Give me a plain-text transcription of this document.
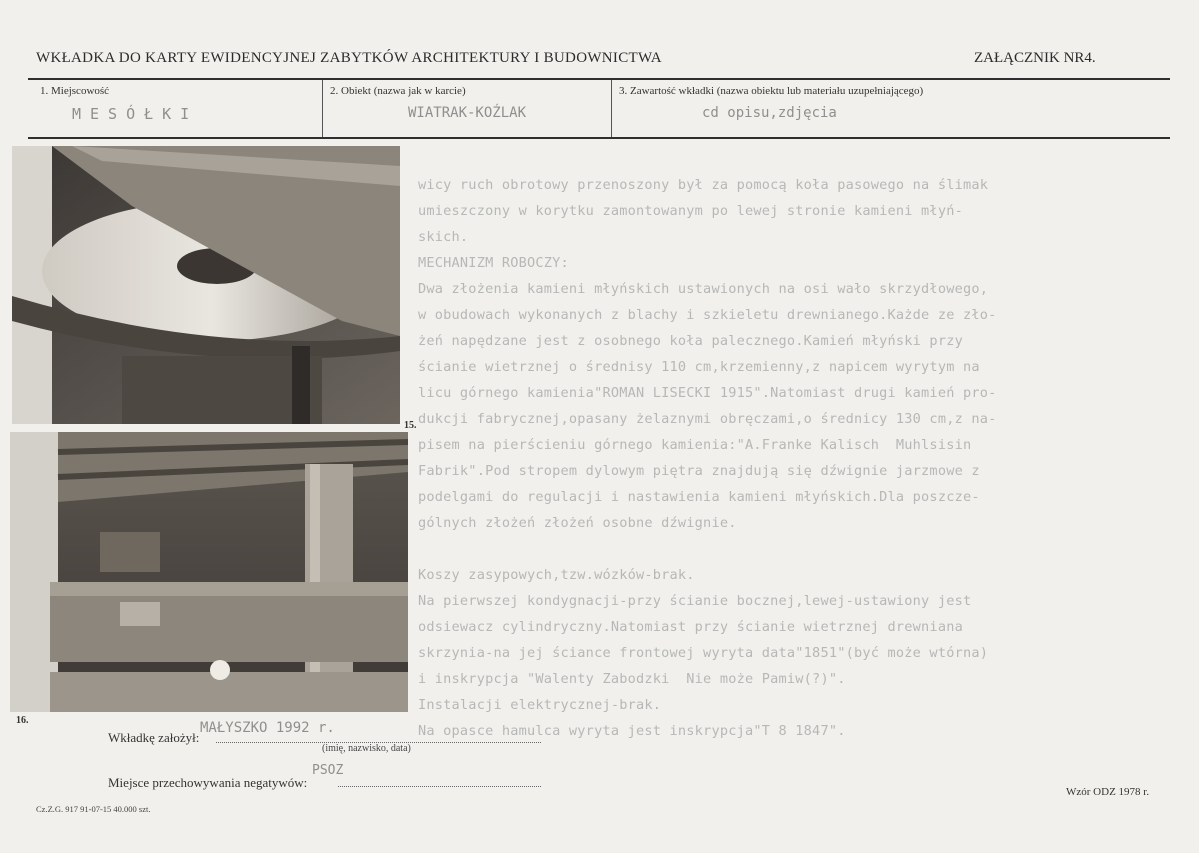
WKŁADKA DO KARTY EWIDENCYJNEJ ZABYTKÓW ARCHITEKTURY I BUDOWNICTWA	ZAŁĄCZNIK NR4.
1. Miejscowość
MESÓŁKI
2. Obiekt (nazwa jak w karcie)
WIATRAK-KOŹLAK
3. Zawartość wkładki (nazwa obiektu lub materiału uzupełniającego)
cd opisu,zdjęcia
15.
16.
wicy ruch obrotowy przenoszony był za pomocą koła pasowego na ślimak
umieszczony w korytku zamontowanym po lewej stronie kamieni młyń-
skich.
MECHANIZM ROBOCZY:
Dwa złożenia kamieni młyńskich ustawionych na osi wało skrzydłowego,
w obudowach wykonanych z blachy i szkieletu drewnianego.Każde ze zło-
żeń napędzane jest z osobnego koła palecznego.Kamień młyński przy
ścianie wietrznej o średnisy 110 cm,krzemienny,z napicem wyrytym na
licu górnego kamienia"ROMAN LISECKI 1915".Natomiast drugi kamień pro-
dukcji fabrycznej,opasany żelaznymi obręczami,o średnicy 130 cm,z na-
pisem na pierścieniu górnego kamienia:"A.Franke Kalisch  Muhlsisin
Fabrik".Pod stropem dylowym piętra znajdują się dźwignie jarzmowe z
podelgami do regulacji i nastawienia kamieni młyńskich.Dla poszcze-
gólnych złożeń złożeń osobne dźwignie.

Koszy zasypowych,tzw.wózków-brak.
Na pierwszej kondygnacji-przy ścianie bocznej,lewej-ustawiony jest
odsiewacz cylindryczny.Natomiast przy ścianie wietrznej drewniana
skrzynia-na jej ściance frontowej wyryta data"1851"(być może wtórna)
i inskrypcja "Walenty Zabodzki  Nie może Pamiw(?)".
Instalacji elektrycznej-brak.
Na opasce hamulca wyryta jest inskrypcja"T 8 1847".
Wkładkę założył:
MAŁYSZKO 1992 r.
(imię, nazwisko, data)
Miejsce przechowywania negatywów:
PSOZ
Cz.Z.G. 917 91-07-15 40.000 szt.
Wzór ODZ 1978 r.
